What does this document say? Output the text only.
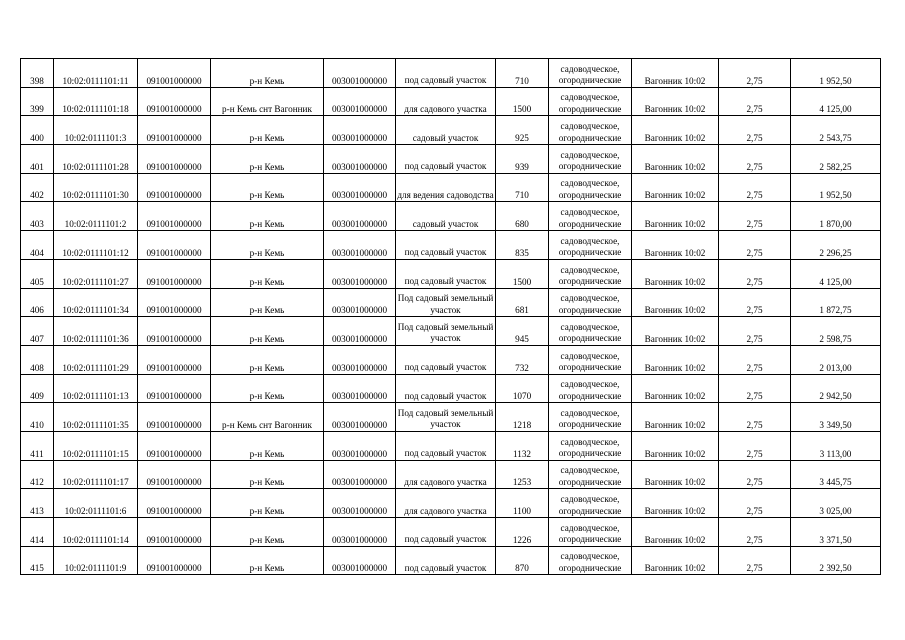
398	10:02:0111101:11	091001000000	р-н Кемь	003001000000	под садовый участок	710	садоводческое, огороднические	Вагонник 10:02	2,75	1 952,50
399	10:02:0111101:18	091001000000	р-н Кемь снт Вагонник	003001000000	для садового участка	1500	садоводческое, огороднические	Вагонник 10:02	2,75	4 125,00
400	10:02:0111101:3	091001000000	р-н Кемь	003001000000	садовый участок	925	садоводческое, огороднические	Вагонник 10:02	2,75	2 543,75
401	10:02:0111101:28	091001000000	р-н Кемь	003001000000	под садовый участок	939	садоводческое, огороднические	Вагонник 10:02	2,75	2 582,25
402	10:02:0111101:30	091001000000	р-н Кемь	003001000000	для ведения садоводства	710	садоводческое, огороднические	Вагонник 10:02	2,75	1 952,50
403	10:02:0111101:2	091001000000	р-н Кемь	003001000000	садовый участок	680	садоводческое, огороднические	Вагонник 10:02	2,75	1 870,00
404	10:02:0111101:12	091001000000	р-н Кемь	003001000000	под садовый участок	835	садоводческое, огороднические	Вагонник 10:02	2,75	2 296,25
405	10:02:0111101:27	091001000000	р-н Кемь	003001000000	под садовый участок	1500	садоводческое, огороднические	Вагонник 10:02	2,75	4 125,00
406	10:02:0111101:34	091001000000	р-н Кемь	003001000000	Под садовый земельный участок	681	садоводческое, огороднические	Вагонник 10:02	2,75	1 872,75
407	10:02:0111101:36	091001000000	р-н Кемь	003001000000	Под садовый земельный участок	945	садоводческое, огороднические	Вагонник 10:02	2,75	2 598,75
408	10:02:0111101:29	091001000000	р-н Кемь	003001000000	под садовый участок	732	садоводческое, огороднические	Вагонник 10:02	2,75	2 013,00
409	10:02:0111101:13	091001000000	р-н Кемь	003001000000	под садовый участок	1070	садоводческое, огороднические	Вагонник 10:02	2,75	2 942,50
410	10:02:0111101:35	091001000000	р-н Кемь снт Вагонник	003001000000	Под садовый земельный участок	1218	садоводческое, огороднические	Вагонник 10:02	2,75	3 349,50
411	10:02:0111101:15	091001000000	р-н Кемь	003001000000	под садовый участок	1132	садоводческое, огороднические	Вагонник 10:02	2,75	3 113,00
412	10:02:0111101:17	091001000000	р-н Кемь	003001000000	для садового участка	1253	садоводческое, огороднические	Вагонник 10:02	2,75	3 445,75
413	10:02:0111101:6	091001000000	р-н Кемь	003001000000	для садового участка	1100	садоводческое, огороднические	Вагонник 10:02	2,75	3 025,00
414	10:02:0111101:14	091001000000	р-н Кемь	003001000000	под садовый участок	1226	садоводческое, огороднические	Вагонник 10:02	2,75	3 371,50
415	10:02:0111101:9	091001000000	р-н Кемь	003001000000	под садовый участок	870	садоводческое, огороднические	Вагонник 10:02	2,75	2 392,50
